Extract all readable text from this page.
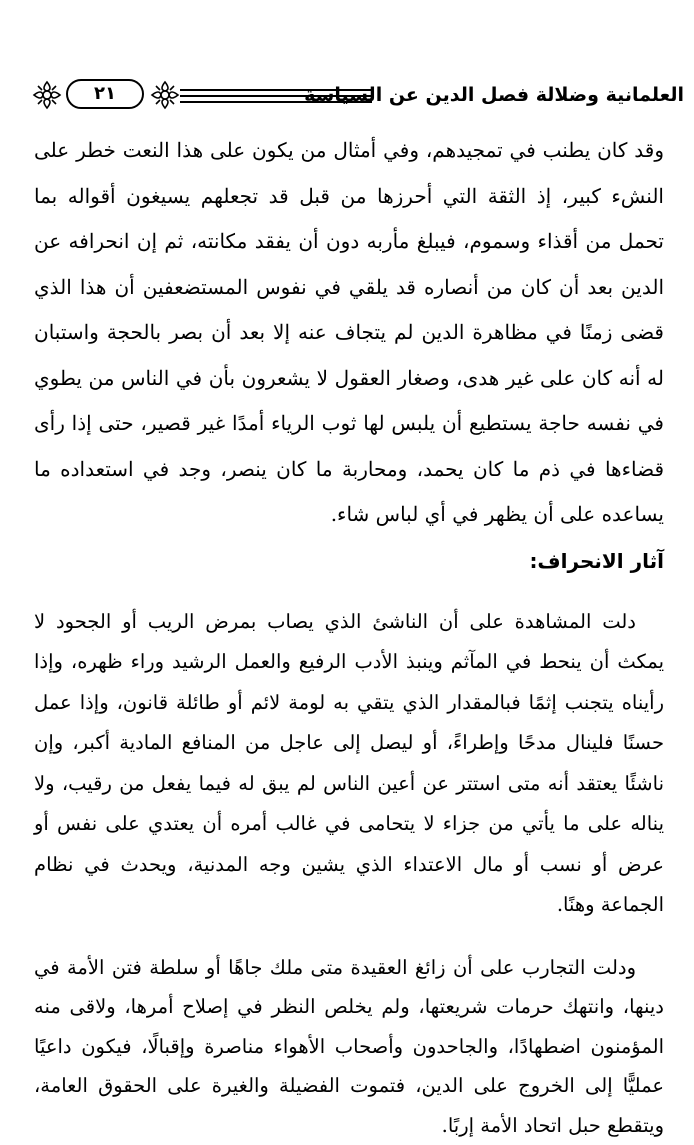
٢١	العلمانية وضلالة فصل الدين عن السياسة

وقد كان يطنب في تمجيدهم، وفي أمثال من يكون على هذا النعت خطر على النشء كبير، إذ الثقة التي أحرزها من قبل قد تجعلهم يسيغون أقواله بما تحمل من أقذاء وسموم، فيبلغ مأربه دون أن يفقد مكانته، ثم إن انحرافه عن الدين بعد أن كان من أنصاره قد يلقي في نفوس المستضعفين أن هذا الذي قضى زمنًا في مظاهرة الدين لم يتجاف عنه إلا بعد أن بصر بالحجة واستبان له أنه كان على غير هدى، وصغار العقول لا يشعرون بأن في الناس من يطوي في نفسه حاجة يستطيع أن يلبس لها ثوب الرياء أمدًا غير قصير، حتى إذا رأى قضاءها في ذم ما كان يحمد، ومحاربة ما كان ينصر، وجد في استعداده ما يساعده على أن يظهر في أي لباس شاء.

آثار الانحراف:

دلت المشاهدة على أن الناشئ الذي يصاب بمرض الريب أو الجحود لا يمكث أن ينحط في المآثم وينبذ الأدب الرفيع والعمل الرشيد وراء ظهره، وإذا رأيناه يتجنب إثمًا فبالمقدار الذي يتقي به لومة لائم أو طائلة قانون، وإذا عمل حسنًا فلينال مدحًا وإطراءً، أو ليصل إلى عاجل من المنافع المادية أكبر، وإن ناشئًا يعتقد أنه متى استتر عن أعين الناس لم يبق له فيما يفعل من رقيب، ولا يناله على ما يأتي من جزاء لا يتحامى في غالب أمره أن يعتدي على نفس أو عرض أو نسب أو مال الاعتداء الذي يشين وجه المدنية، ويحدث في نظام الجماعة وهنًا.

ودلت التجارب على أن زائغ العقيدة متى ملك جاهًا أو سلطة فتن الأمة في دينها، وانتهك حرمات شريعتها، ولم يخلص النظر في إصلاح أمرها، ولاقى منه المؤمنون اضطهادًا، والجاحدون وأصحاب الأهواء مناصرة وإقبالًا، فيكون داعيًا عمليًّا إلى الخروج على الدين، فتموت الفضيلة والغيرة على الحقوق العامة، ويتقطع حبل اتحاد الأمة إربًا.
